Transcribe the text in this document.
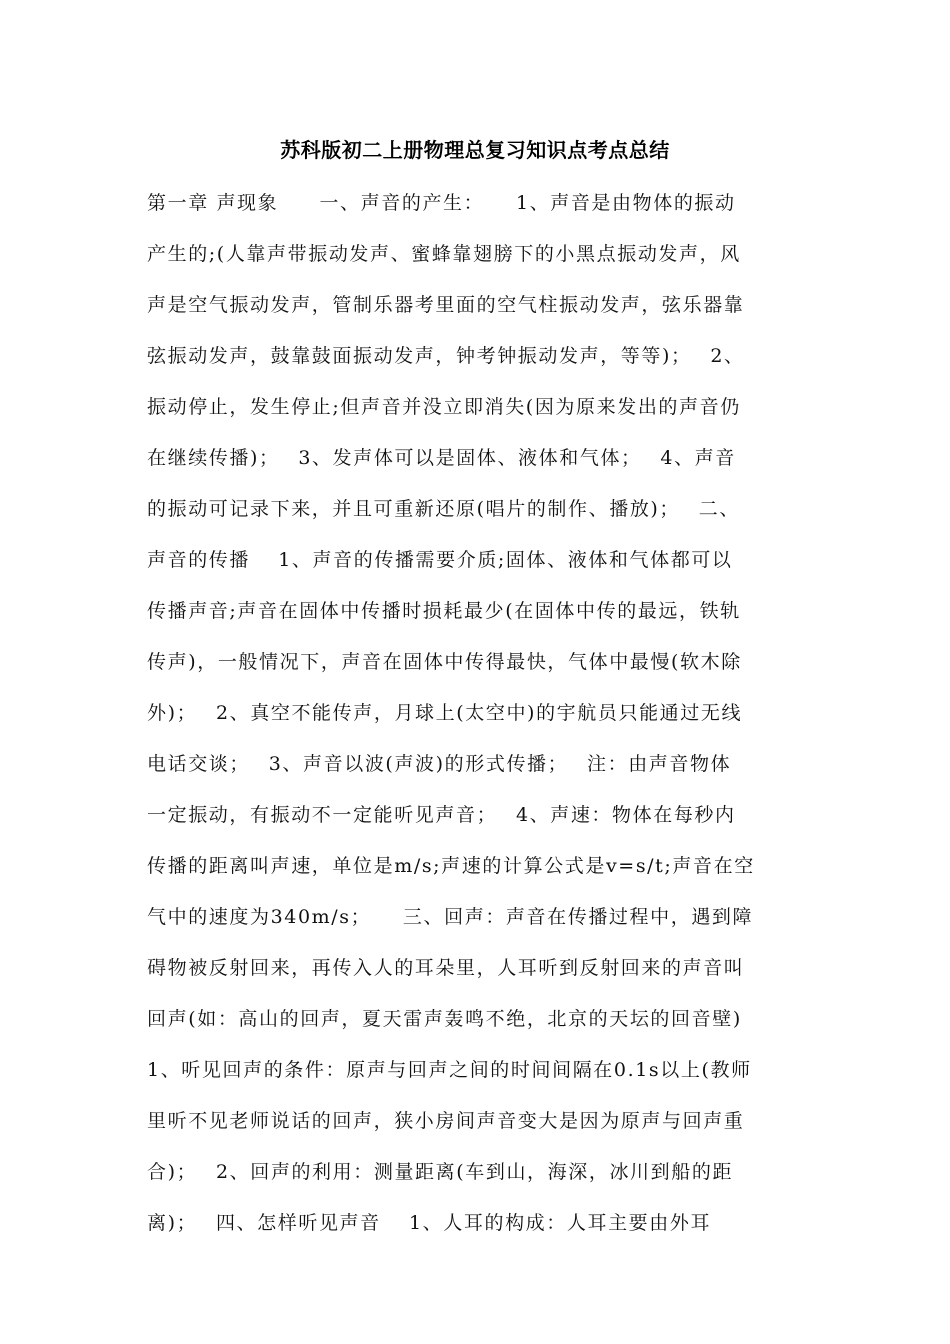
苏科版初二上册物理总复习知识点考点总结
第一章 声现象　　一、声音的产生：　　1、声音是由物体的振动
产生的;(人靠声带振动发声、蜜蜂靠翅膀下的小黑点振动发声，风
声是空气振动发声，管制乐器考里面的空气柱振动发声，弦乐器靠
弦振动发声，鼓靠鼓面振动发声，钟考钟振动发声，等等)；　 2、
振动停止，发生停止;但声音并没立即消失(因为原来发出的声音仍
在继续传播)；　 3、发声体可以是固体、液体和气体；　 4、声音
的振动可记录下来，并且可重新还原(唱片的制作、播放)；　 二、
声音的传播　 1、声音的传播需要介质;固体、液体和气体都可以
传播声音;声音在固体中传播时损耗最少(在固体中传的最远，铁轨
传声)，一般情况下，声音在固体中传得最快，气体中最慢(软木除
外)；　 2、真空不能传声，月球上(太空中)的宇航员只能通过无线
电话交谈；　 3、声音以波(声波)的形式传播；　 注：由声音物体
一定振动，有振动不一定能听见声音；　 4、声速：物体在每秒内
传播的距离叫声速，单位是m/s;声速的计算公式是v=s/t;声音在空
气中的速度为340m/s；　　三、回声：声音在传播过程中，遇到障
碍物被反射回来，再传入人的耳朵里，人耳听到反射回来的声音叫
回声(如：高山的回声，夏天雷声轰鸣不绝，北京的天坛的回音壁)
1、听见回声的条件：原声与回声之间的时间间隔在0.1s以上(教师
里听不见老师说话的回声，狭小房间声音变大是因为原声与回声重
合)；　 2、回声的利用：测量距离(车到山，海深，冰川到船的距
离)；　 四、怎样听见声音　 1、人耳的构成：人耳主要由外耳
